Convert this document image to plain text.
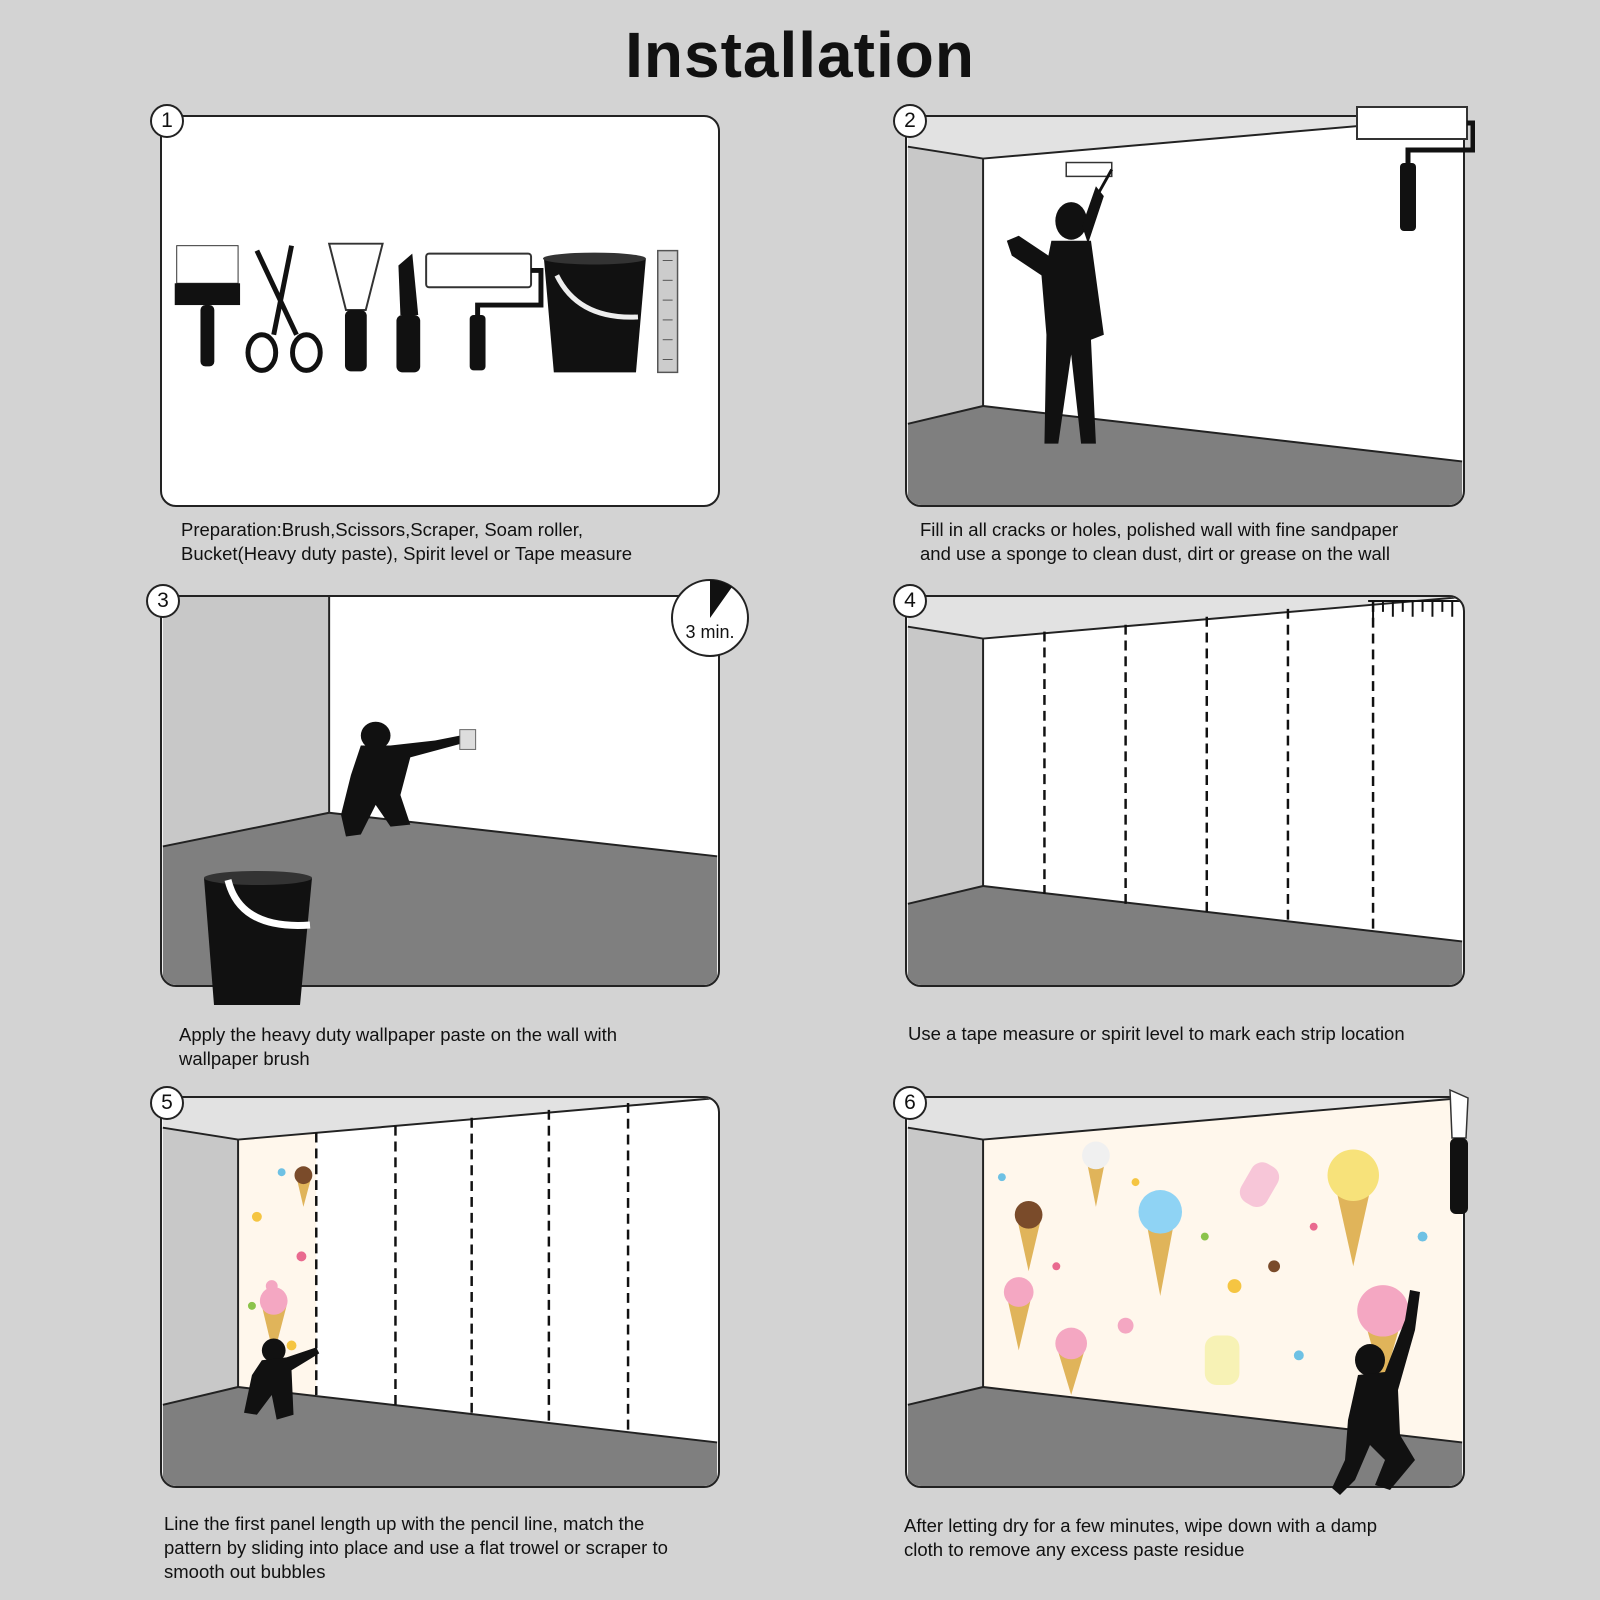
Installation
1
Preparation:Brush,Scissors,Scraper, Soam roller,
Bucket(Heavy duty paste), Spirit level or Tape measure
2
Fill in all cracks or holes, polished wall with fine sandpaper
and use a sponge to clean dust, dirt or grease on the wall
3
3 min.
Apply the heavy duty wallpaper paste on the wall with
wallpaper brush
4
Use a tape measure or spirit level to mark each strip location
5
Line the first panel length up with the pencil line, match the
pattern by sliding into place and use a flat trowel or scraper to
smooth out bubbles
6
After letting dry for a few minutes, wipe down with a damp
cloth to remove any excess paste residue
